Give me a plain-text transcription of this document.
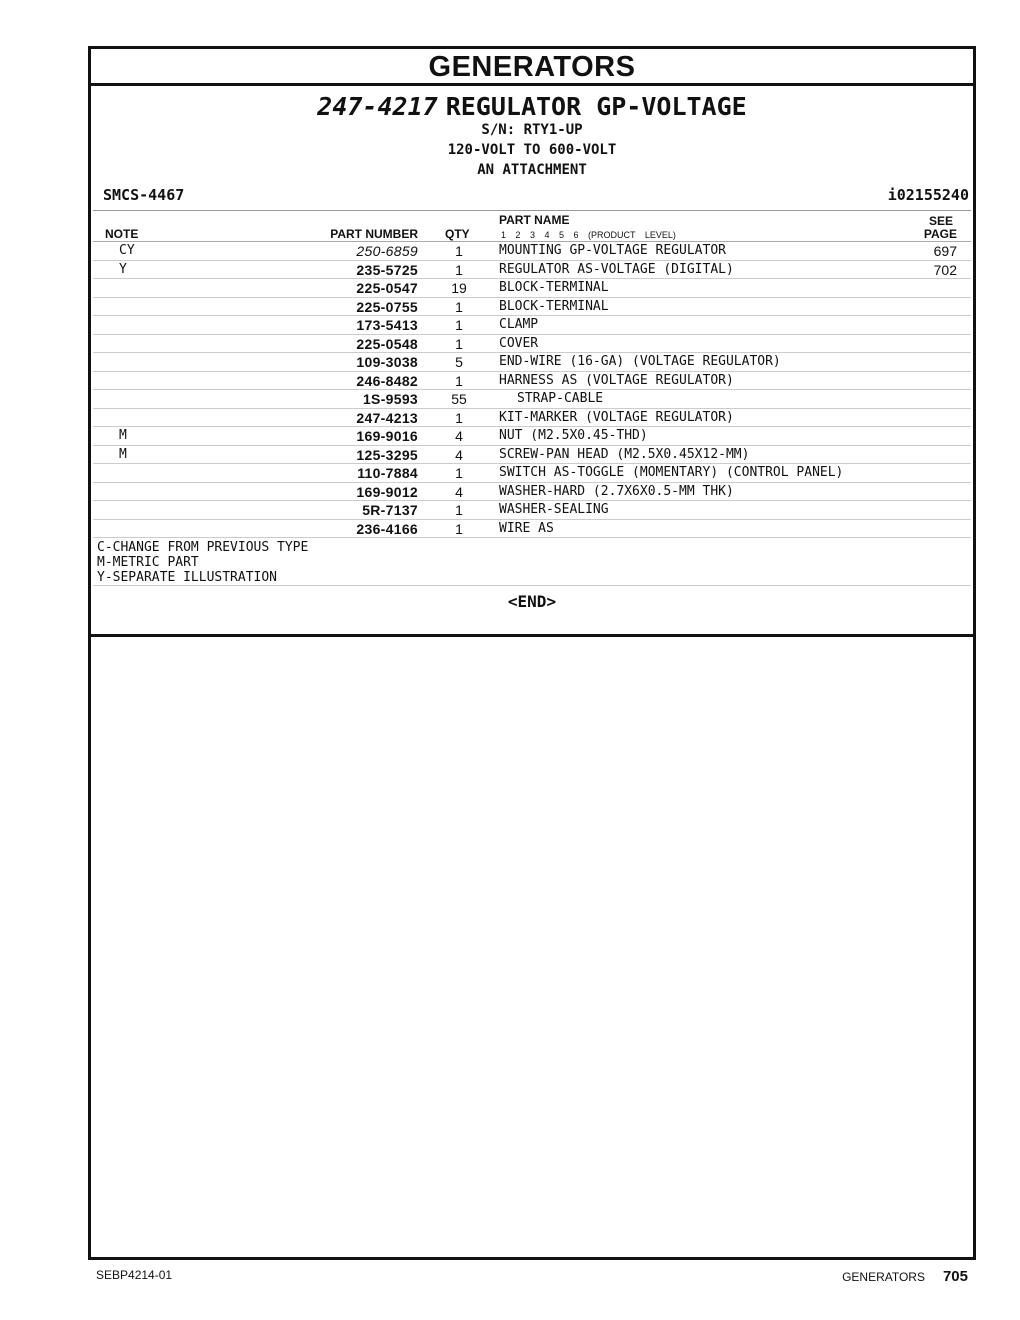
GENERATORS
247-4217 REGULATOR GP-VOLTAGE
S/N: RTY1-UP
120-VOLT TO 600-VOLT
AN ATTACHMENT
SMCS-4467	i02155240
NOTE	PART NUMBER QTY
PART NAME
1 2 3 4 5 6 (PRODUCT LEVEL)
SEE
PAGE
CY	250-6859	1	MOUNTING GP-VOLTAGE REGULATOR	697
Y	235-5725	1	REGULATOR AS-VOLTAGE (DIGITAL)	702
225-0547 19 BLOCK-TERMINAL
225-0755	1	BLOCK-TERMINAL
173-5413	1	CLAMP
225-0548	1	COVER
109-3038	5	END-WIRE (16-GA) (VOLTAGE REGULATOR)
246-8482	1	HARNESS AS (VOLTAGE REGULATOR)
1S-9593 55	STRAP-CABLE
247-4213	1	KIT-MARKER (VOLTAGE REGULATOR)
M	169-9016	4	NUT (M2.5X0.45-THD)
M	125-3295	4	SCREW-PAN HEAD (M2.5X0.45X12-MM)
110-7884	1	SWITCH AS-TOGGLE (MOMENTARY) (CONTROL PANEL)
169-9012	4	WASHER-HARD (2.7X6X0.5-MM THK)
5R-7137	1	WASHER-SEALING
236-4166	1	WIRE AS
C-CHANGE FROM PREVIOUS TYPE
M-METRIC PART
Y-SEPARATE ILLUSTRATION
<END>
SEBP4214-01	GENERATORS 705
